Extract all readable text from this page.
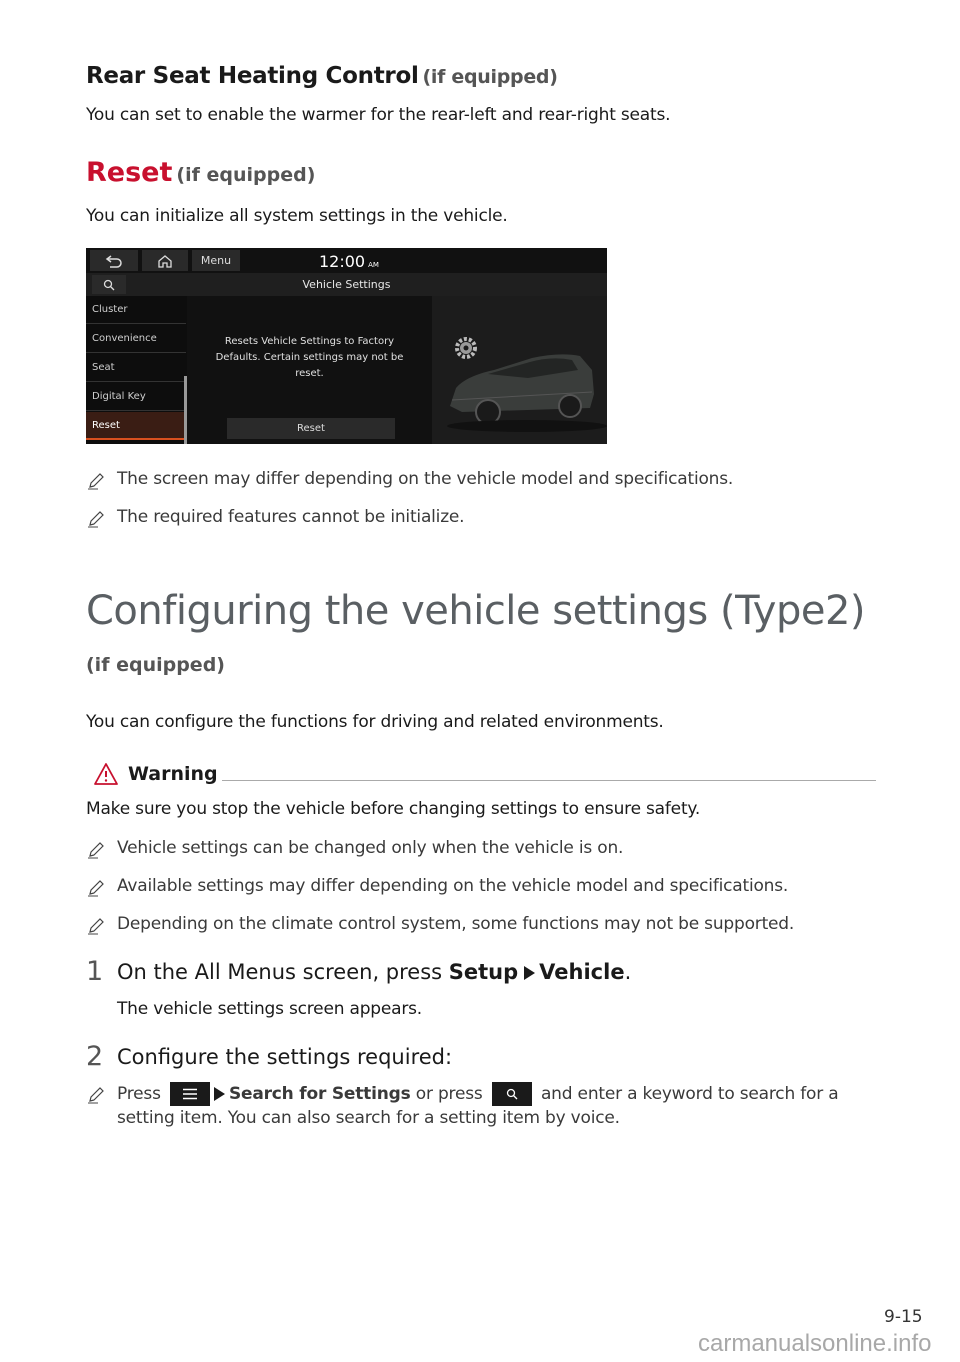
Rear Seat Heating Control (if equipped)
You can set to enable the warmer for the rear-left and rear-right seats.
Reset (if equipped)
You can initialize all system settings in the vehicle.
Menu	12:00 AM
Vehicle Settings
Cluster
Convenience
Seat
Digital Key
Reset
Resets Vehicle Settings to Factory
Defaults. Certain settings may not be
reset.
Reset
The screen may differ depending on the vehicle model and specifications.
The required features cannot be initialize.
Configuring the vehicle settings (Type2)
(if equipped)
You can configure the functions for driving and related environments.
Warning
Make sure you stop the vehicle before changing settings to ensure safety.
Vehicle settings can be changed only when the vehicle is on.
Available settings may differ depending on the vehicle model and specifications.
Depending on the climate control system, some functions may not be supported.
1 On the All Menus screen, press Setup Vehicle.
The vehicle settings screen appears.
2 Configure the settings required:
Press	Search for Settings or press	and enter a keyword to search for a
setting item. You can also search for a setting item by voice.
9-15
carmanualsonline.info
